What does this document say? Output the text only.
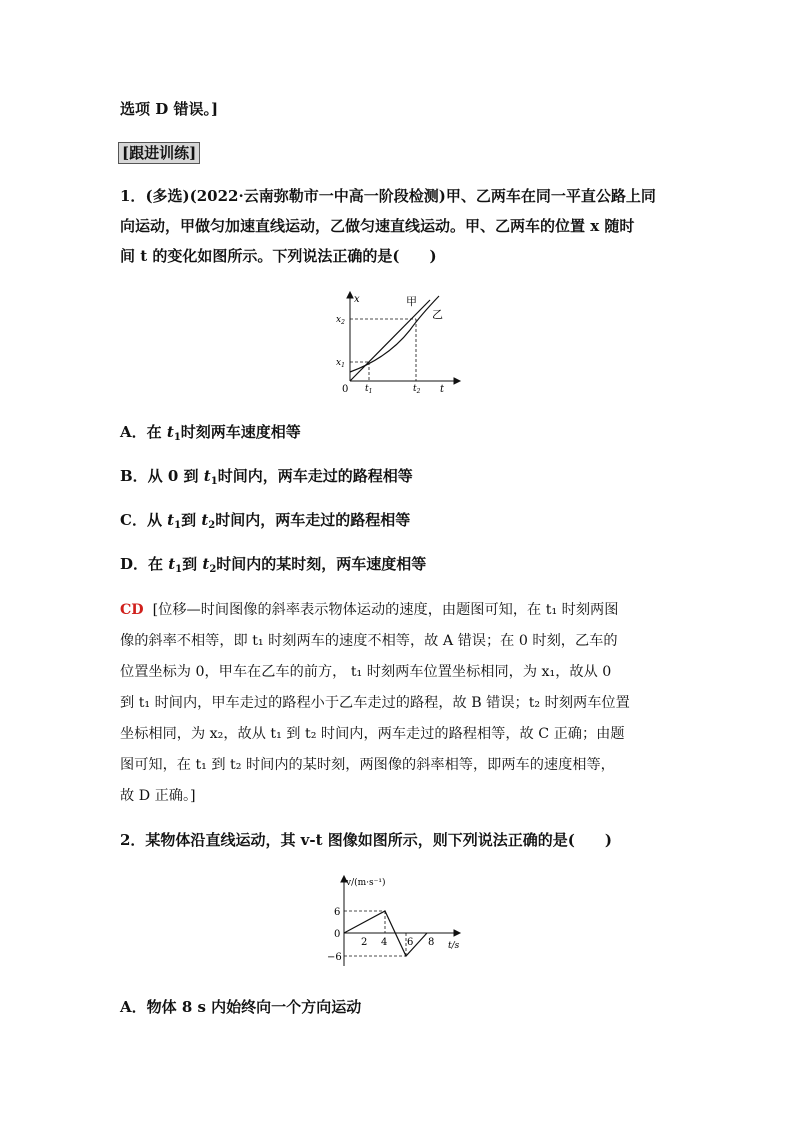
选项 D 错误。]
[跟进训练]
1．(多选)(2022·云南弥勒市一中高一阶段检测)甲、乙两车在同一平直公路上同
向运动，甲做匀加速直线运动，乙做匀速直线运动。甲、乙两车的位置 x 随时
间 t 的变化如图所示。下列说法正确的是(　　)
x	甲
乙
$x_2$
$x_1$
0 $t_1$	$t_2$ t
A．在 $t_1$时刻两车速度相等
B．从 0 到 $t_1$时间内，两车走过的路程相等
C．从 $t_1$到 $t_2$时间内，两车走过的路程相等
D．在 $t_1$到 $t_2$时间内的某时刻，两车速度相等
CD [位移—时间图像的斜率表示物体运动的速度，由题图可知，在 t₁ 时刻两图
像的斜率不相等，即 t₁ 时刻两车的速度不相等，故 A 错误；在 0 时刻，乙车的
位置坐标为 0，甲车在乙车的前方， t₁ 时刻两车位置坐标相同，为 x₁，故从 0
到 t₁ 时间内，甲车走过的路程小于乙车走过的路程，故 B 错误；t₂ 时刻两车位置
坐标相同，为 x₂，故从 t₁ 到 t₂ 时间内，两车走过的路程相等，故 C 正确；由题
图可知，在 t₁ 到 t₂ 时间内的某时刻，两图像的斜率相等，即两车的速度相等，
故 D 正确。]
2．某物体沿直线运动，其 v-t 图像如图所示，则下列说法正确的是(　　)
v/(m·s⁻¹)
6
0
−6
2 4 6 8 t/s
A．物体 8 s 内始终向一个方向运动
